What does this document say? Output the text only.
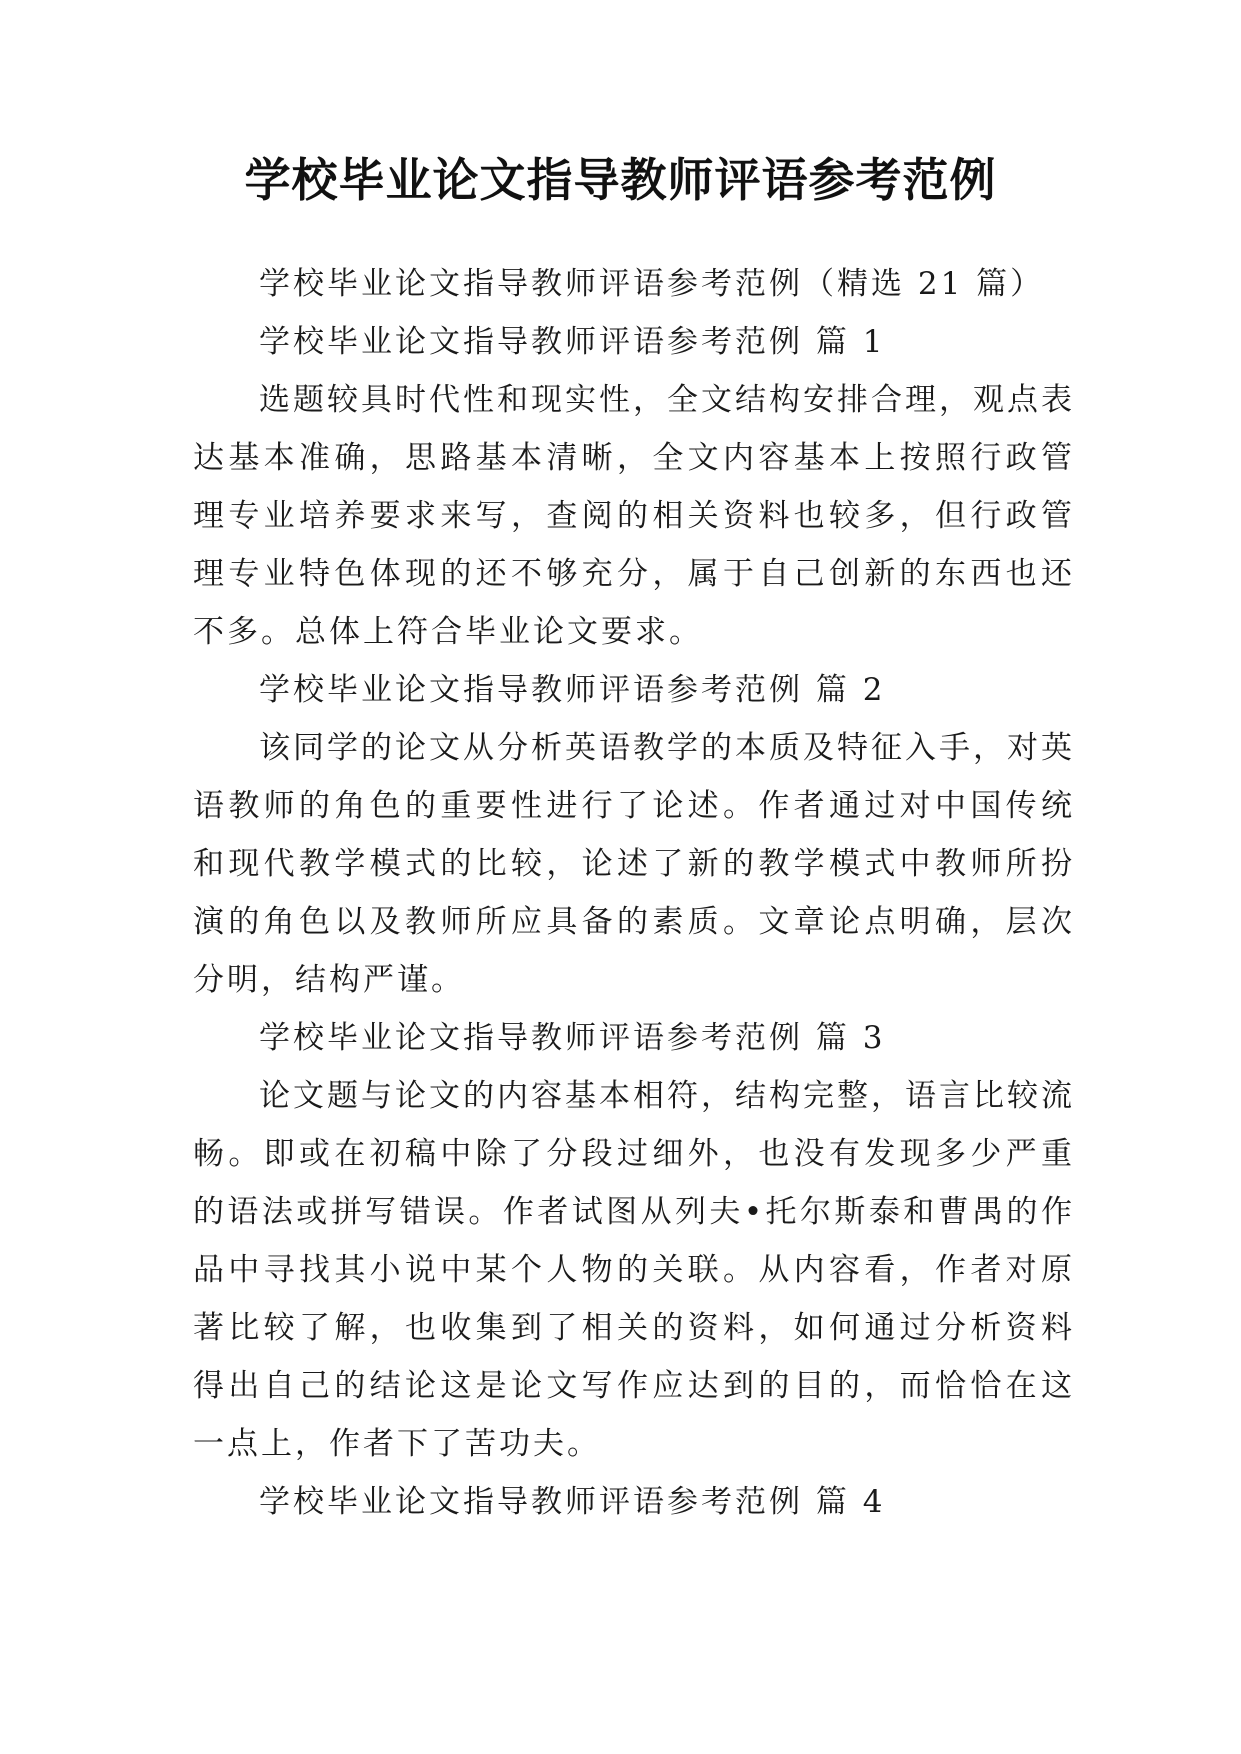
学校毕业论文指导教师评语参考范例

学校毕业论文指导教师评语参考范例（精选 21 篇）

学校毕业论文指导教师评语参考范例 篇 1

选题较具时代性和现实性，全文结构安排合理，观点表达基本准确，思路基本清晰，全文内容基本上按照行政管理专业培养要求来写，查阅的相关资料也较多，但行政管理专业特色体现的还不够充分，属于自己创新的东西也还不多。总体上符合毕业论文要求。

学校毕业论文指导教师评语参考范例 篇 2

该同学的论文从分析英语教学的本质及特征入手，对英语教师的角色的重要性进行了论述。作者通过对中国传统和现代教学模式的比较，论述了新的教学模式中教师所扮演的角色以及教师所应具备的素质。文章论点明确，层次分明，结构严谨。

学校毕业论文指导教师评语参考范例 篇 3

论文题与论文的内容基本相符，结构完整，语言比较流畅。即或在初稿中除了分段过细外，也没有发现多少严重的语法或拼写错误。作者试图从列夫•托尔斯泰和曹禺的作品中寻找其小说中某个人物的关联。从内容看，作者对原著比较了解，也收集到了相关的资料，如何通过分析资料得出自己的结论这是论文写作应达到的目的，而恰恰在这一点上，作者下了苦功夫。

学校毕业论文指导教师评语参考范例 篇 4
